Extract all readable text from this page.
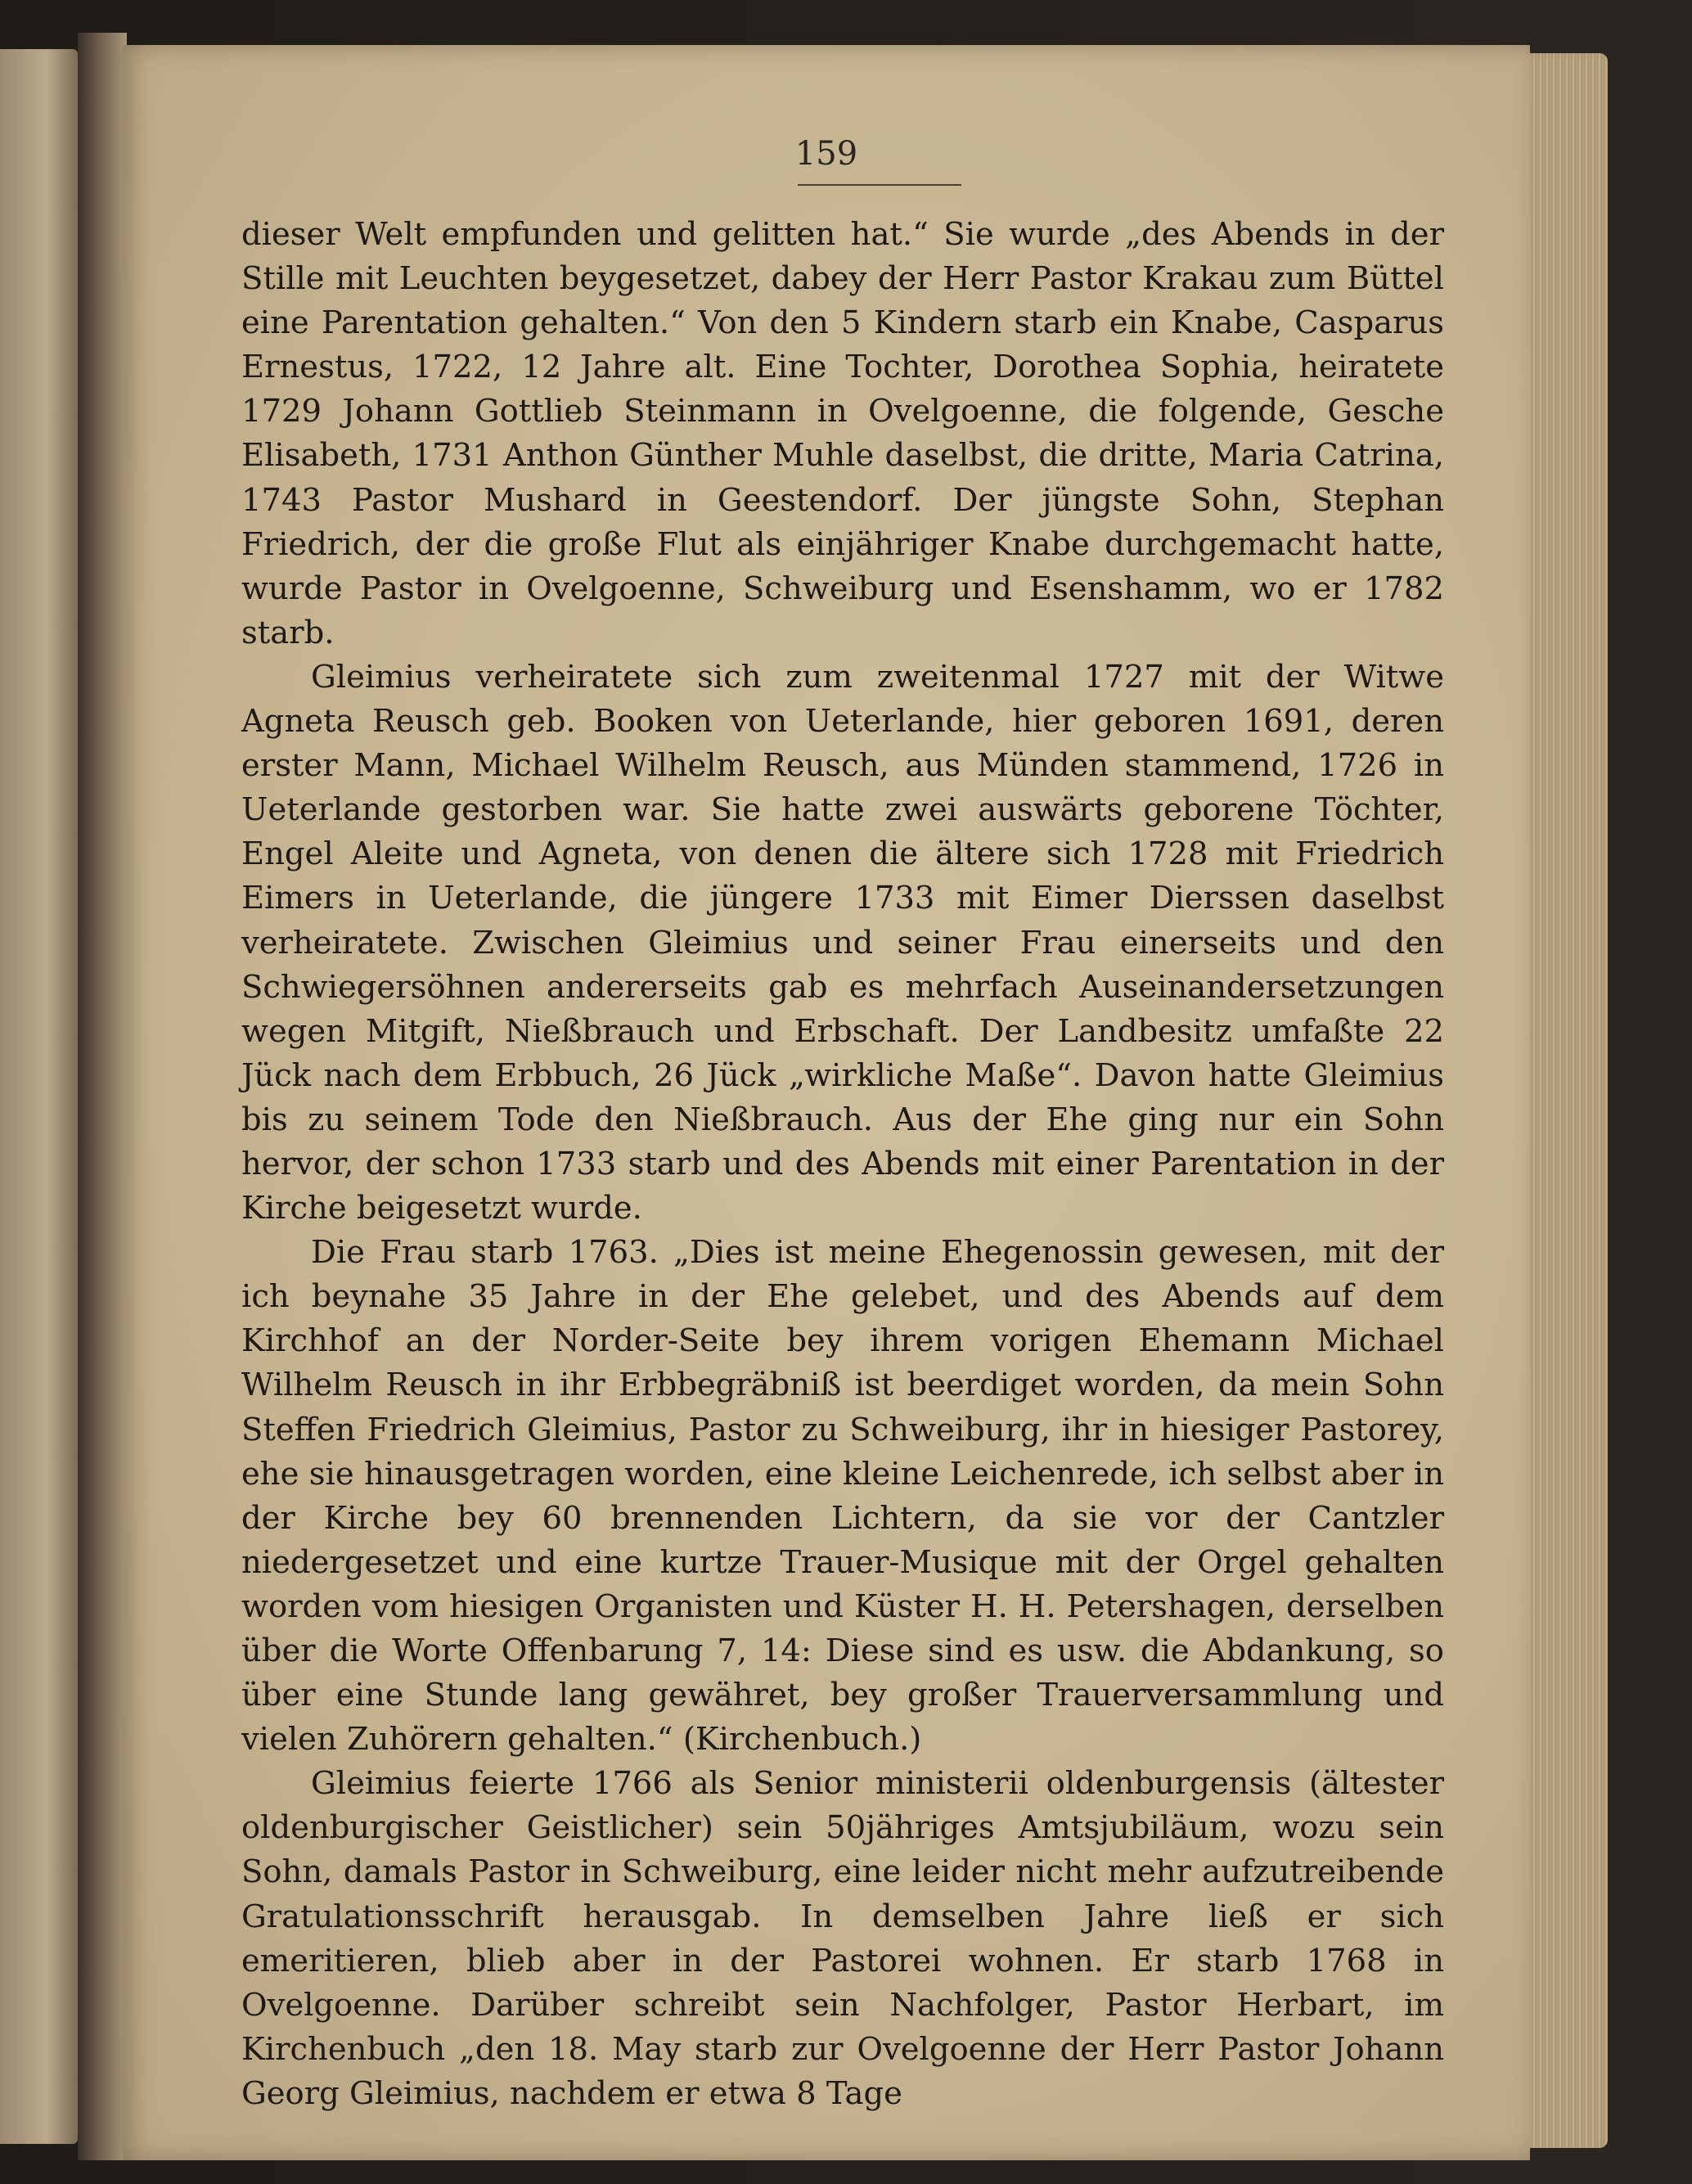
159

dieser Welt empfunden und gelitten hat.“ Sie wurde „des Abends in der Stille mit Leuchten beygesetzet, dabey der Herr Pastor Krakau zum Büttel eine Parentation gehalten.“ Von den 5 Kindern starb ein Knabe, Casparus Ernestus, 1722, 12 Jahre alt. Eine Tochter, Dorothea Sophia, heiratete 1729 Johann Gottlieb Steinmann in Ovelgoenne, die folgende, Gesche Elisabeth, 1731 Anthon Günther Muhle daselbst, die dritte, Maria Catrina, 1743 Pastor Mushard in Geestendorf. Der jüngste Sohn, Stephan Friedrich, der die große Flut als einjähriger Knabe durchgemacht hatte, wurde Pastor in Ovelgoenne, Schweiburg und Esenshamm, wo er 1782 starb.

Gleimius verheiratete sich zum zweitenmal 1727 mit der Witwe Agneta Reusch geb. Booken von Ueterlande, hier geboren 1691, deren erster Mann, Michael Wilhelm Reusch, aus Münden stammend, 1726 in Ueterlande gestorben war. Sie hatte zwei auswärts geborene Töchter, Engel Aleite und Agneta, von denen die ältere sich 1728 mit Friedrich Eimers in Ueterlande, die jüngere 1733 mit Eimer Dierssen daselbst verheiratete. Zwischen Gleimius und seiner Frau einerseits und den Schwiegersöhnen andererseits gab es mehrfach Auseinandersetzungen wegen Mitgift, Nießbrauch und Erbschaft. Der Landbesitz umfaßte 22 Jück nach dem Erbbuch, 26 Jück „wirkliche Maße“. Davon hatte Gleimius bis zu seinem Tode den Nießbrauch. Aus der Ehe ging nur ein Sohn hervor, der schon 1733 starb und des Abends mit einer Parentation in der Kirche beigesetzt wurde.

Die Frau starb 1763. „Dies ist meine Ehegenossin gewesen, mit der ich beynahe 35 Jahre in der Ehe gelebet, und des Abends auf dem Kirchhof an der Norder-Seite bey ihrem vorigen Ehemann Michael Wilhelm Reusch in ihr Erbbegräbniß ist beerdiget worden, da mein Sohn Steffen Friedrich Gleimius, Pastor zu Schweiburg, ihr in hiesiger Pastorey, ehe sie hinausgetragen worden, eine kleine Leichenrede, ich selbst aber in der Kirche bey 60 brennenden Lichtern, da sie vor der Cantzler niedergesetzet und eine kurtze Trauer-Musique mit der Orgel gehalten worden vom hiesigen Organisten und Küster H. H. Petershagen, derselben über die Worte Offenbarung 7, 14: Diese sind es usw. die Abdankung, so über eine Stunde lang gewähret, bey großer Trauerversammlung und vielen Zuhörern gehalten.“ (Kirchenbuch.)

Gleimius feierte 1766 als Senior ministerii oldenburgensis (ältester oldenburgischer Geistlicher) sein 50jähriges Amtsjubiläum, wozu sein Sohn, damals Pastor in Schweiburg, eine leider nicht mehr aufzutreibende Gratulationsschrift herausgab. In demselben Jahre ließ er sich emeritieren, blieb aber in der Pastorei wohnen. Er starb 1768 in Ovelgoenne. Darüber schreibt sein Nachfolger, Pastor Herbart, im Kirchenbuch „den 18. May starb zur Ovelgoenne der Herr Pastor Johann Georg Gleimius, nachdem er etwa 8 Tage
